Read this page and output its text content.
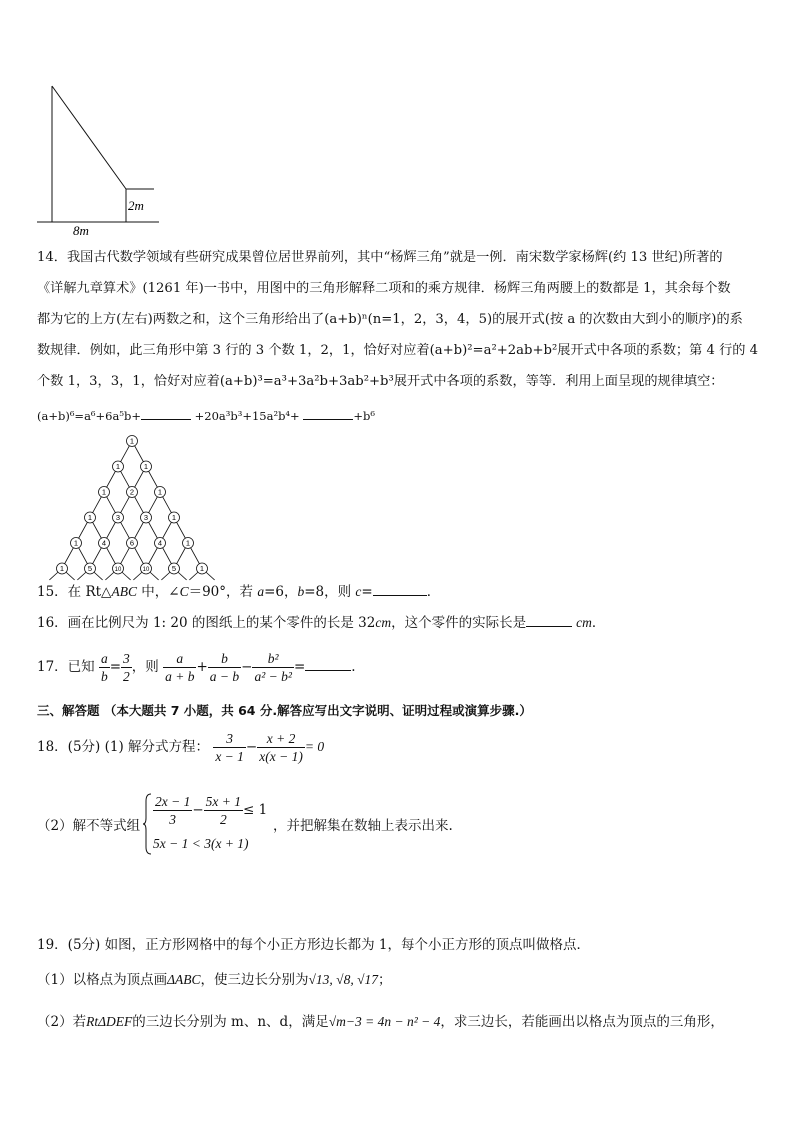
2m
8m
14．我国古代数学领域有些研究成果曾位居世界前列，其中“杨辉三角”就是一例．南宋数学家杨辉(约 13 世纪)所著的
《详解九章算术》(1261 年)一书中，用图中的三角形解释二项和的乘方规律．杨辉三角两腰上的数都是 1，其余每个数
都为它的上方(左右)两数之和，这个三角形给出了(a+b)ⁿ(n=1，2，3，4，5)的展开式(按 a 的次数由大到小的顺序)的系
数规律．例如，此三角形中第 3 行的 3 个数 1，2，1，恰好对应着(a+b)²=a²+2ab+b²展开式中各项的系数；第 4 行的 4
个数 1，3，3，1，恰好对应着(a+b)³=a³+3a²b+3ab²+b³展开式中各项的系数，等等．利用上面呈现的规律填空：
(a+b)⁶=a⁶+6a⁵b+	+20a³b³+15a²b⁴+	+b⁶
1
1	1
1	2	1
1	3	3	1
1	4	6	4	1
1	5	10	10	5	1
15．在 Rt△ABC 中，∠C＝90°，若 a=6，b=8，则 c=	．
16．画在比例尺为 1: 20 的图纸上的某个零件的长是 32cm，这个零件的实际长是	cm．
17．已知 $\frac{a}{b} = \frac{3}{2}$ ，则 $\frac{a}{a + b} + \frac{b}{a - b} - \frac{\text{b²}}{\text{a² − b²}}$ =	.
三、解答题 （本大题共 7 小题，共 64 分.解答应写出文字说明、证明过程或演算步骤.）
18．(5分) (1) 解分式方程： $\frac{3}{x - 1} - \frac{x + 2}{x(x - 1)} = 0$
（2）解不等式组 $\frac{2x - 1}{3} - \frac{5x + 1}{2} \le 1$
5x − 1 < 3(x + 1)
，并把解集在数轴上表示出来.
19．(5分) 如图，正方形网格中的每个小正方形边长都为 1，每个小正方形的顶点叫做格点．
（1）以格点为顶点画ΔABC，使三边长分别为√13, √8, √17；
（2）若RtΔDEF的三边长分别为 m、n、d，满足√m−3 = 4n − n² − 4，求三边长，若能画出以格点为顶点的三角形，
